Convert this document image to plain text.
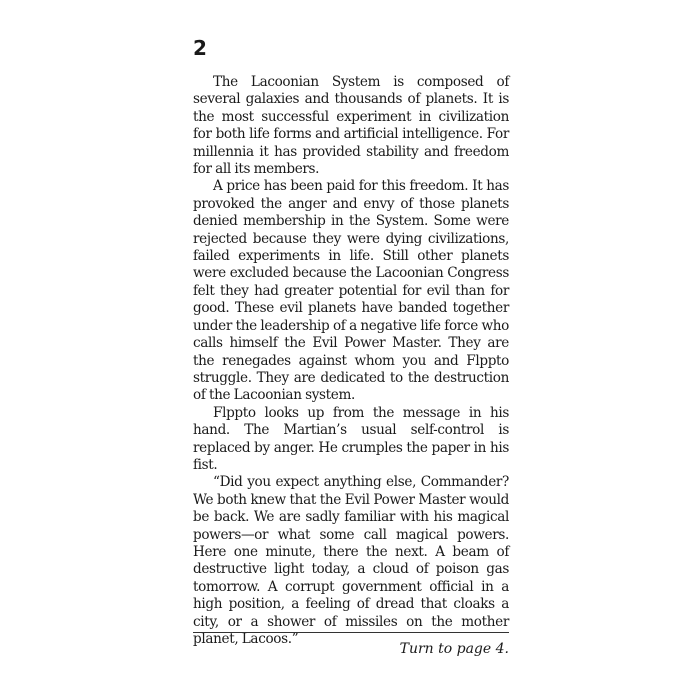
2

The Lacoonian System is composed of several galaxies and thousands of planets. It is the most successful experiment in civilization for both life forms and artificial intelligence. For millennia it has provided stability and freedom for all its members.

A price has been paid for this freedom. It has provoked the anger and envy of those planets denied membership in the System. Some were rejected because they were dying civilizations, failed experiments in life. Still other planets were excluded because the Lacoonian Congress felt they had greater potential for evil than for good. These evil planets have banded together under the leadership of a negative life force who calls himself the Evil Power Master. They are the renegades against whom you and Flppto struggle. They are dedicated to the destruction of the Lacoonian system.

Flppto looks up from the message in his hand. The Martian’s usual self-control is replaced by anger. He crumples the paper in his fist.

“Did you expect anything else, Commander? We both knew that the Evil Power Master would be back. We are sadly familiar with his magical powers—or what some call magical powers. Here one minute, there the next. A beam of destructive light today, a cloud of poison gas tomorrow. A corrupt government official in a high position, a feeling of dread that cloaks a city, or a shower of missiles on the mother planet, Lacoos.”

Turn to page 4.
